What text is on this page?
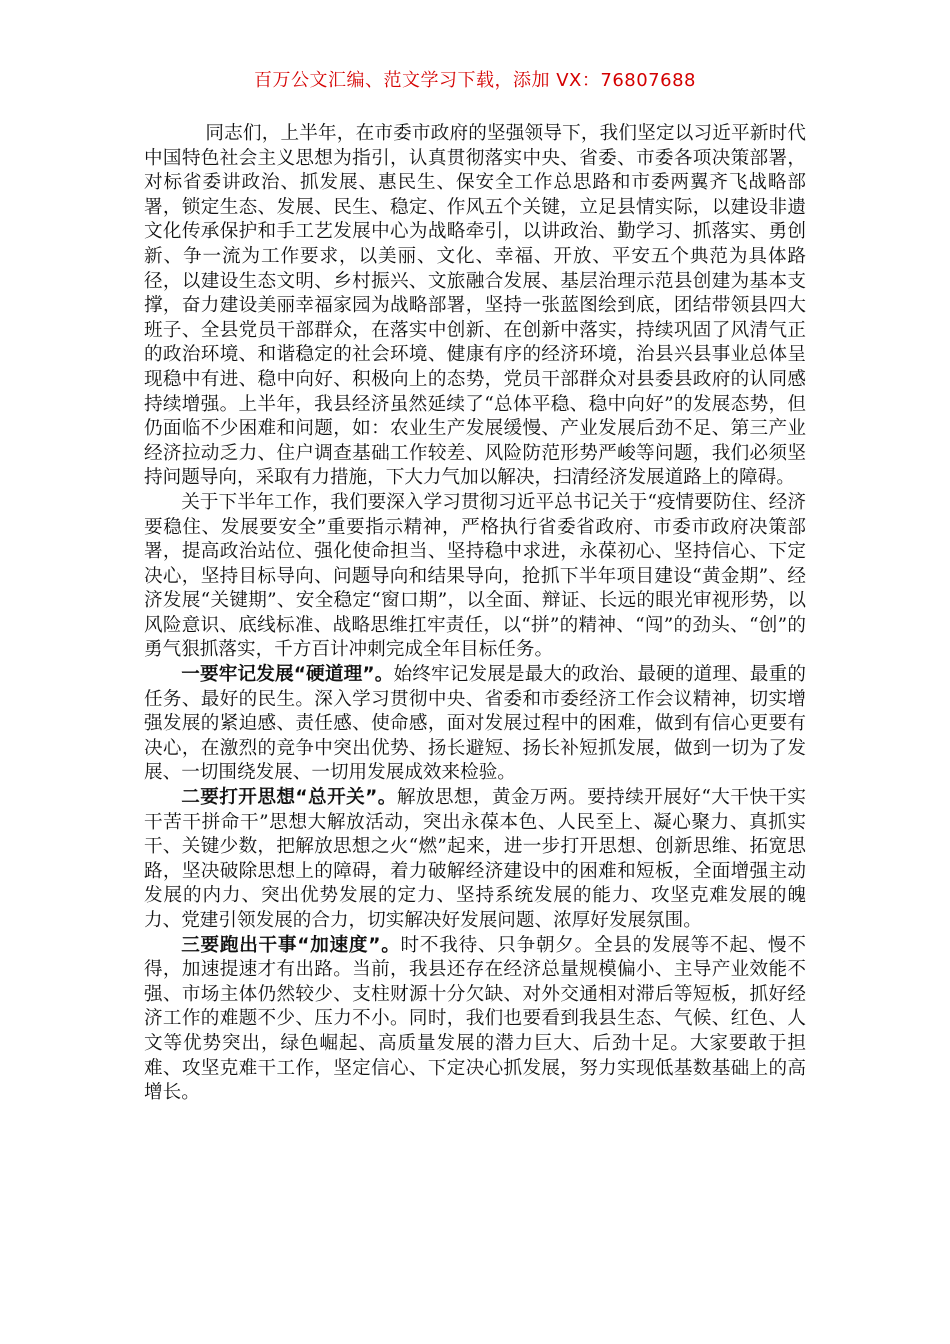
百万公文汇编、范文学习下载，添加 VX：76807688

同志们，上半年，在市委市政府的坚强领导下，我们坚定以习近平新时代中国特色社会主义思想为指引，认真贯彻落实中央、省委、市委各项决策部署，对标省委讲政治、抓发展、惠民生、保安全工作总思路和市委两翼齐飞战略部署，锁定生态、发展、民生、稳定、作风五个关键，立足县情实际，以建设非遗文化传承保护和手工艺发展中心为战略牵引，以讲政治、勤学习、抓落实、勇创新、争一流为工作要求，以美丽、文化、幸福、开放、平安五个典范为具体路径，以建设生态文明、乡村振兴、文旅融合发展、基层治理示范县创建为基本支撑，奋力建设美丽幸福家园为战略部署，坚持一张蓝图绘到底，团结带领县四大班子、全县党员干部群众，在落实中创新、在创新中落实，持续巩固了风清气正的政治环境、和谐稳定的社会环境、健康有序的经济环境，治县兴县事业总体呈现稳中有进、稳中向好、积极向上的态势，党员干部群众对县委县政府的认同感持续增强。上半年，我县经济虽然延续了“总体平稳、稳中向好”的发展态势，但仍面临不少困难和问题，如：农业生产发展缓慢、产业发展后劲不足、第三产业经济拉动乏力、住户调查基础工作较差、风险防范形势严峻等问题，我们必须坚持问题导向，采取有力措施，下大力气加以解决，扫清经济发展道路上的障碍。

关于下半年工作，我们要深入学习贯彻习近平总书记关于“疫情要防住、经济要稳住、发展要安全”重要指示精神，严格执行省委省政府、市委市政府决策部署，提高政治站位、强化使命担当、坚持稳中求进，永葆初心、坚持信心、下定决心，坚持目标导向、问题导向和结果导向，抢抓下半年项目建设“黄金期”、经济发展“关键期”、安全稳定“窗口期”，以全面、辩证、长远的眼光审视形势，以风险意识、底线标准、战略思维扛牢责任，以“拼”的精神、“闯”的劲头、“创”的勇气狠抓落实，千方百计冲刺完成全年目标任务。

一要牢记发展“硬道理”。始终牢记发展是最大的政治、最硬的道理、最重的任务、最好的民生。深入学习贯彻中央、省委和市委经济工作会议精神，切实增强发展的紧迫感、责任感、使命感，面对发展过程中的困难，做到有信心更要有决心，在激烈的竞争中突出优势、扬长避短、扬长补短抓发展，做到一切为了发展、一切围绕发展、一切用发展成效来检验。

二要打开思想“总开关”。解放思想，黄金万两。要持续开展好“大干快干实干苦干拼命干”思想大解放活动，突出永葆本色、人民至上、凝心聚力、真抓实干、关键少数，把解放思想之火“燃”起来，进一步打开思想、创新思维、拓宽思路，坚决破除思想上的障碍，着力破解经济建设中的困难和短板，全面增强主动发展的内力、突出优势发展的定力、坚持系统发展的能力、攻坚克难发展的魄力、党建引领发展的合力，切实解决好发展问题、浓厚好发展氛围。

三要跑出干事“加速度”。时不我待、只争朝夕。全县的发展等不起、慢不得，加速提速才有出路。当前，我县还存在经济总量规模偏小、主导产业效能不强、市场主体仍然较少、支柱财源十分欠缺、对外交通相对滞后等短板，抓好经济工作的难题不少、压力不小。同时，我们也要看到我县生态、气候、红色、人文等优势突出，绿色崛起、高质量发展的潜力巨大、后劲十足。大家要敢于担难、攻坚克难干工作，坚定信心、下定决心抓发展，努力实现低基数基础上的高增长。
